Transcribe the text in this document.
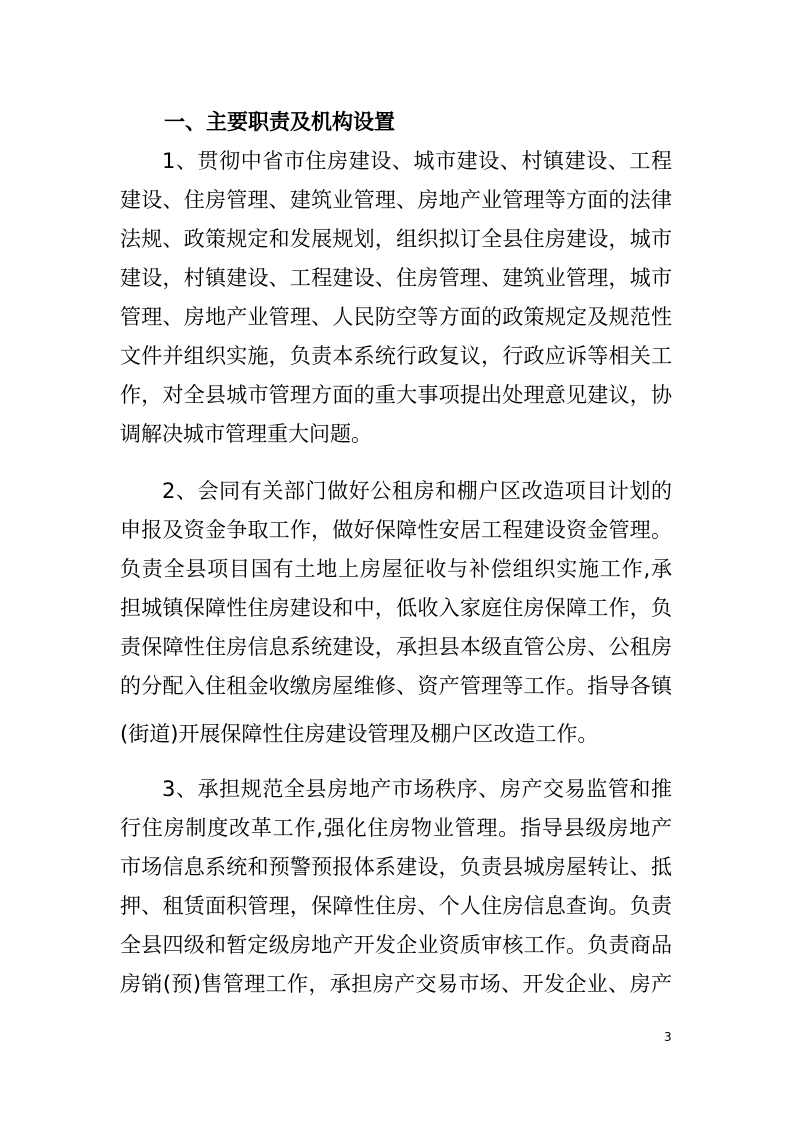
一、主要职责及机构设置
1、贯彻中省市住房建设、城市建设、村镇建设、工程
建设、住房管理、建筑业管理、房地产业管理等方面的法律
法规、政策规定和发展规划，组织拟订全县住房建设，城市
建设，村镇建设、工程建设、住房管理、建筑业管理，城市
管理、房地产业管理、人民防空等方面的政策规定及规范性
文件并组织实施，负责本系统行政复议，行政应诉等相关工
作，对全县城市管理方面的重大事项提出处理意见建议，协
调解决城市管理重大问题。
2、会同有关部门做好公租房和棚户区改造项目计划的
申报及资金争取工作，做好保障性安居工程建设资金管理。
负责全县项目国有土地上房屋征收与补偿组织实施工作,承
担城镇保障性住房建设和中，低收入家庭住房保障工作，负
责保障性住房信息系统建设，承担县本级直管公房、公租房
的分配入住租金收缴房屋维修、资产管理等工作。指导各镇
(街道)开展保障性住房建设管理及棚户区改造工作。
3、承担规范全县房地产市场秩序、房产交易监管和推
行住房制度改革工作,强化住房物业管理。指导县级房地产
市场信息系统和预警预报体系建设，负责县城房屋转让、抵
押、租赁面积管理，保障性住房、个人住房信息查询。负责
全县四级和暂定级房地产开发企业资质审核工作。负责商品
房销(预)售管理工作，承担房产交易市场、开发企业、房产
3
